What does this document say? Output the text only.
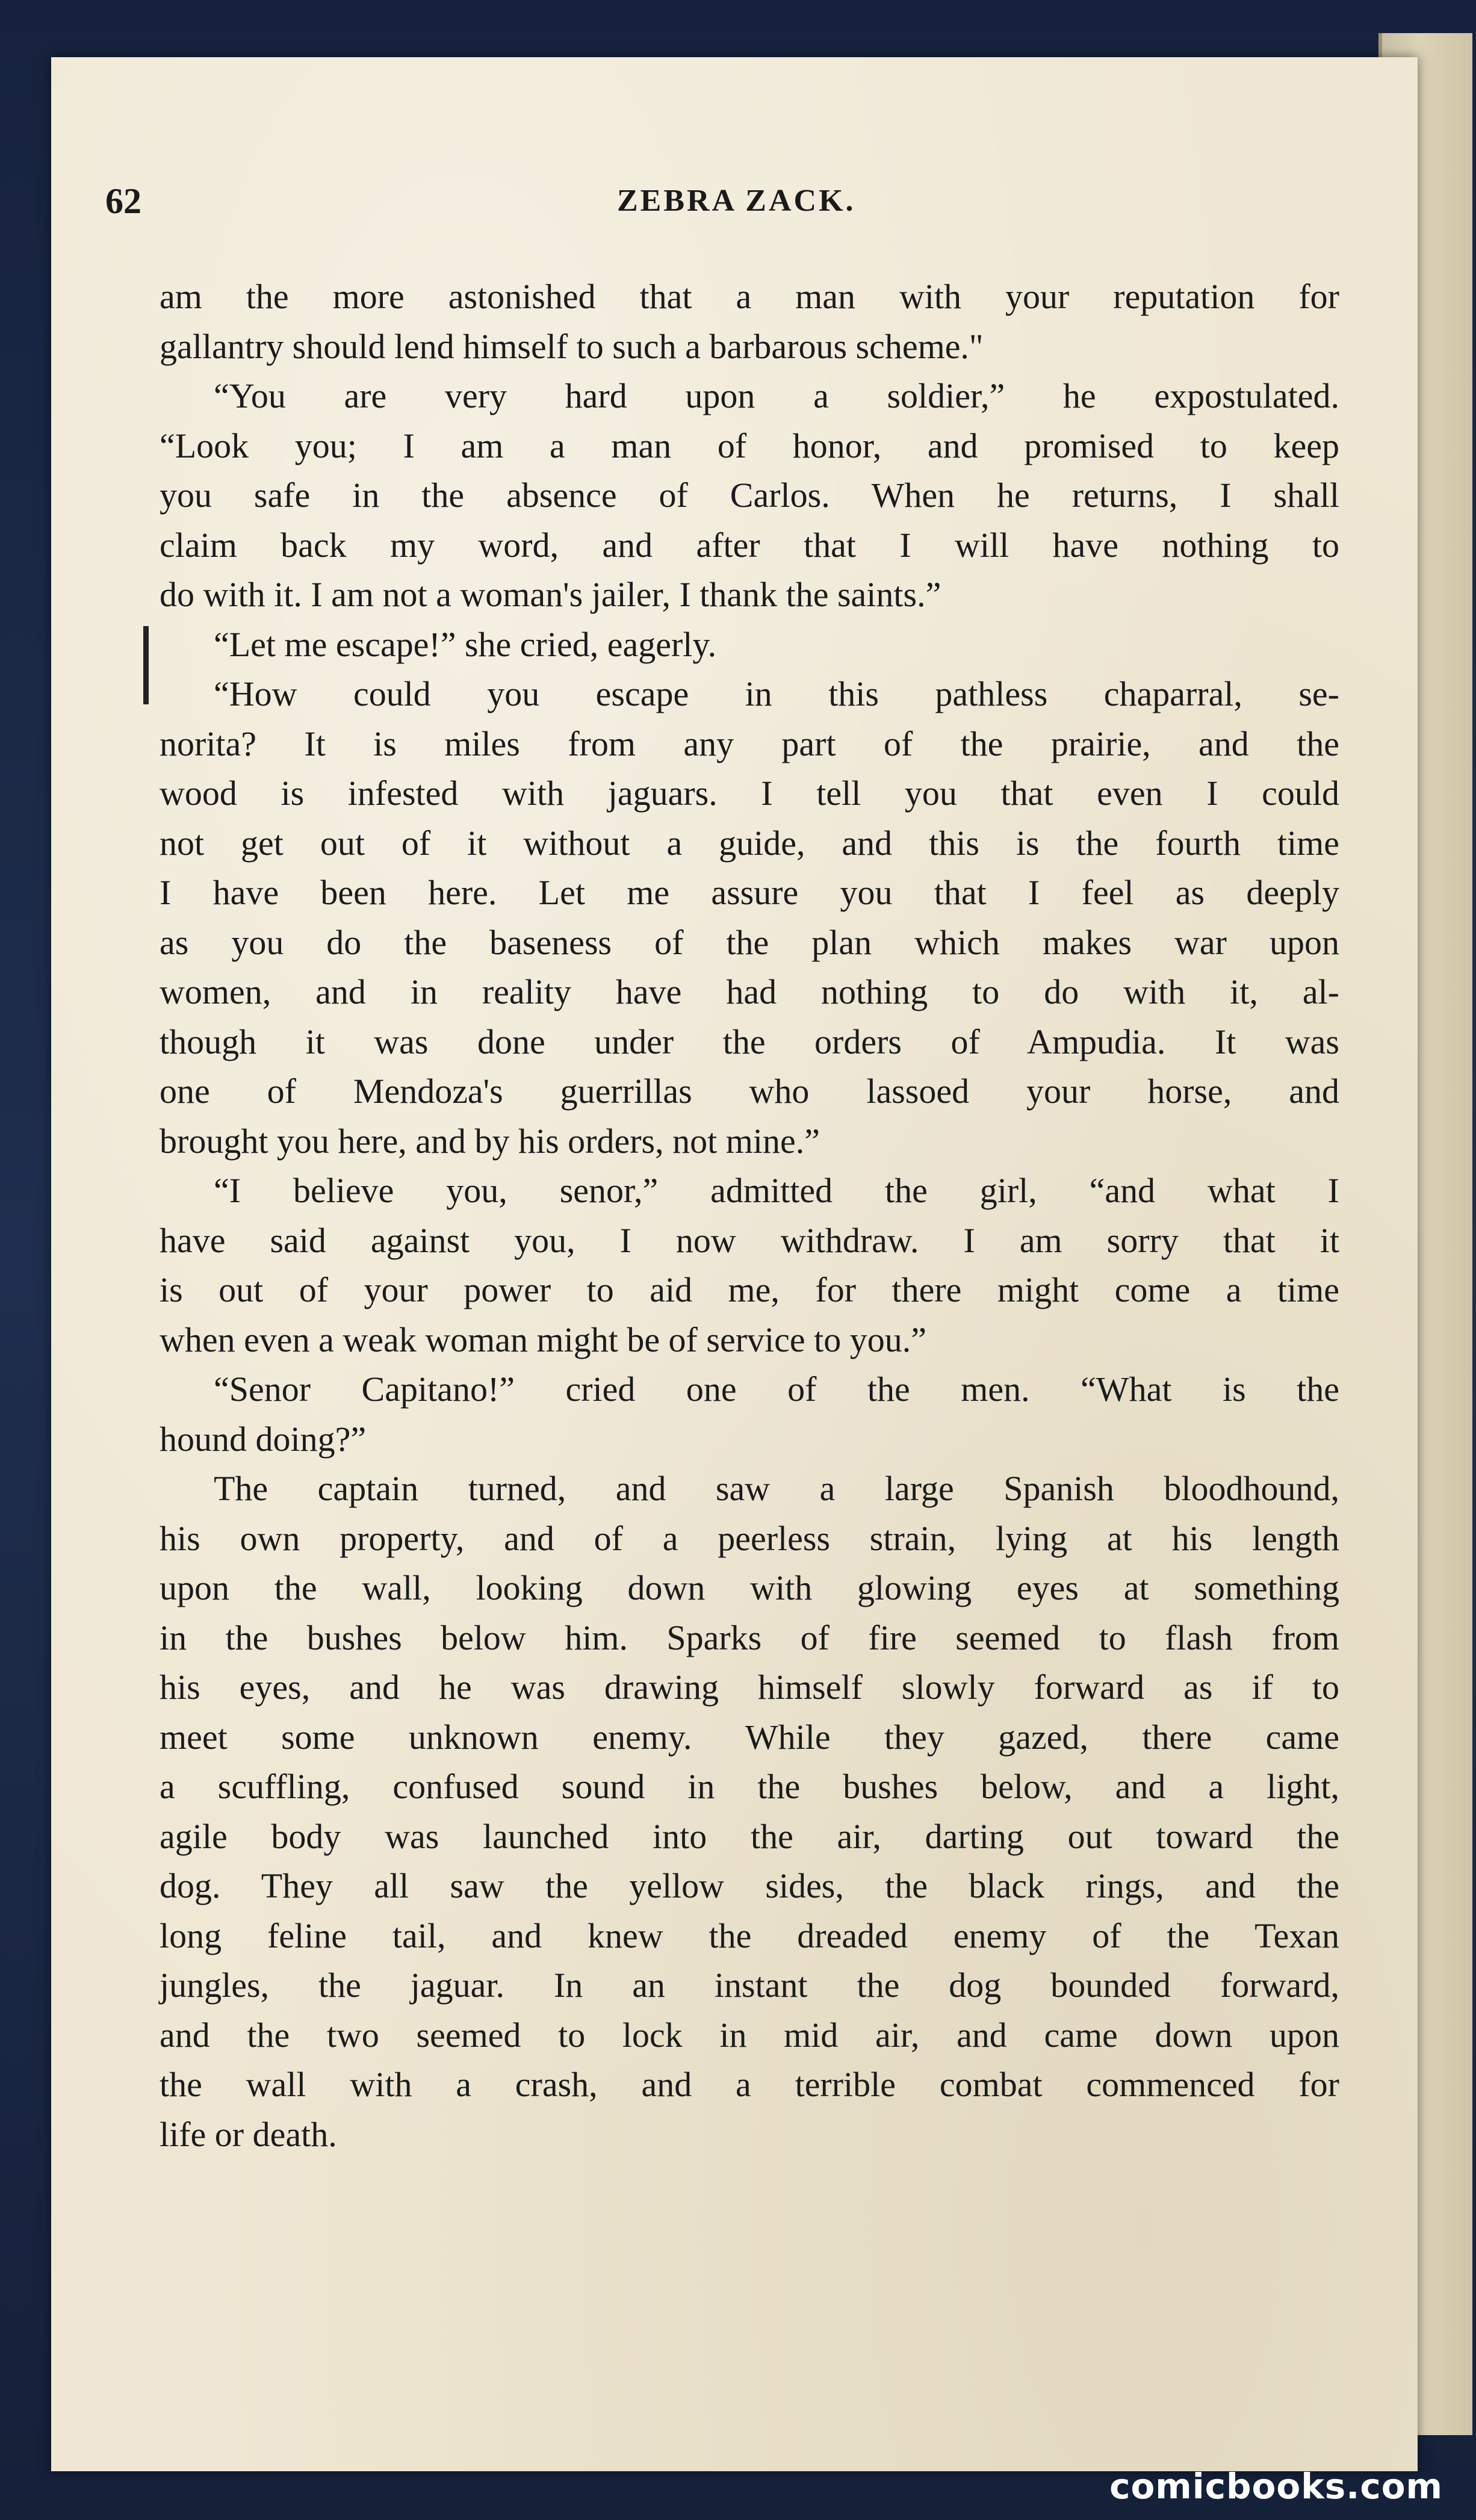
62	ZEBRA ZACK.
am the more astonished that a man with your reputation for
gallantry should lend himself to such a barbarous scheme."
“You are very hard upon a soldier,” he expostulated.
“Look you; I am a man of honor, and promised to keep
you safe in the absence of Carlos. When he returns, I shall
claim back my word, and after that I will have nothing to
do with it. I am not a woman's jailer, I thank the saints.”
“Let me escape!” she cried, eagerly.
“How could you escape in this pathless chaparral, se-
norita? It is miles from any part of the prairie, and the
wood is infested with jaguars. I tell you that even I could
not get out of it without a guide, and this is the fourth time
I have been here. Let me assure you that I feel as deeply
as you do the baseness of the plan which makes war upon
women, and in reality have had nothing to do with it, al-
though it was done under the orders of Ampudia. It was
one of Mendoza's guerrillas who lassoed your horse, and
brought you here, and by his orders, not mine.”
“I believe you, senor,” admitted the girl, “and what I
have said against you, I now withdraw. I am sorry that it
is out of your power to aid me, for there might come a time
when even a weak woman might be of service to you.”
“Senor Capitano!” cried one of the men. “What is the
hound doing?”
The captain turned, and saw a large Spanish bloodhound,
his own property, and of a peerless strain, lying at his length
upon the wall, looking down with glowing eyes at something
in the bushes below him. Sparks of fire seemed to flash from
his eyes, and he was drawing himself slowly forward as if to
meet some unknown enemy. While they gazed, there came
a scuffling, confused sound in the bushes below, and a light,
agile body was launched into the air, darting out toward the
dog. They all saw the yellow sides, the black rings, and the
long feline tail, and knew the dreaded enemy of the Texan
jungles, the jaguar. In an instant the dog bounded forward,
and the two seemed to lock in mid air, and came down upon
the wall with a crash, and a terrible combat commenced for
life or death.
comicbooks.com
